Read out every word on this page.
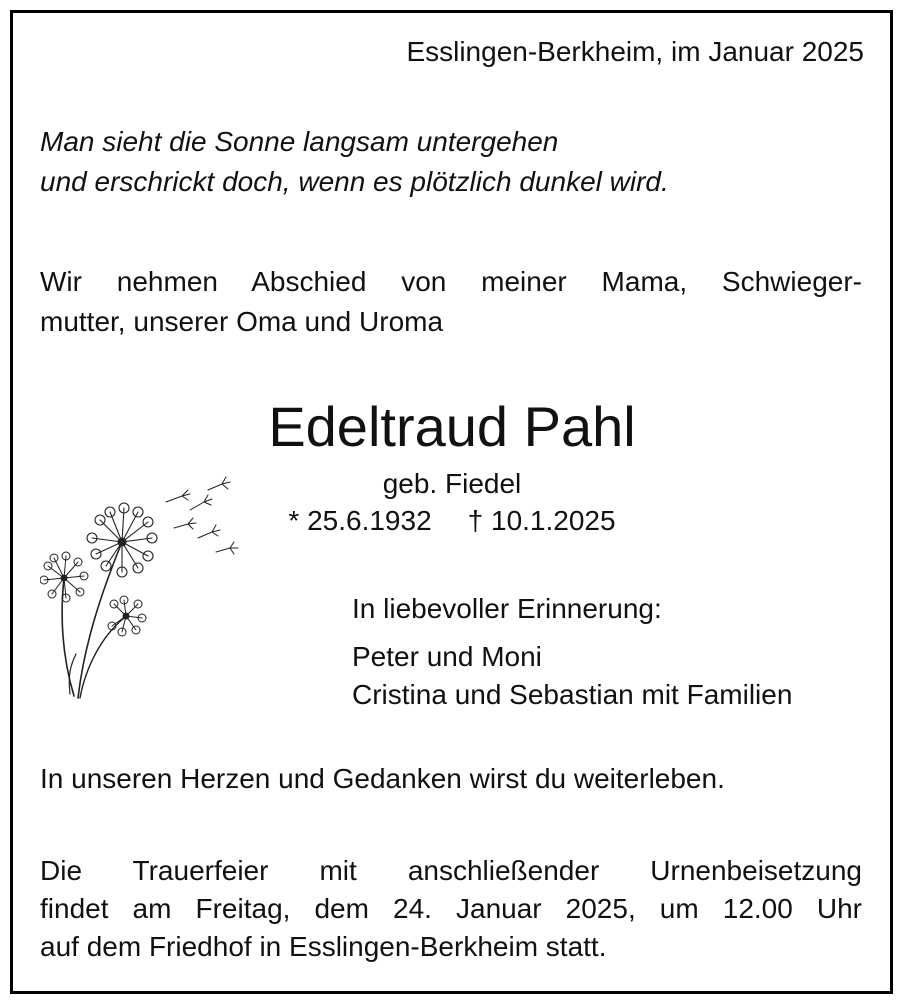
Esslingen-Berkheim, im Januar 2025

Man sieht die Sonne langsam untergehen
und erschrickt doch, wenn es plötzlich dunkel wird.
Wir nehmen Abschied von meiner Mama, Schwieger-
mutter, unserer Oma und Uroma
Edeltraud Pahl

geb. Fiedel

* 25.6.1932 † 10.1.2025

In liebevoller Erinnerung:

Peter und Moni
Cristina und Sebastian mit Familien

In unseren Herzen und Gedanken wirst du weiterleben.

Die Trauerfeier mit anschließender Urnenbeisetzung
findet am Freitag, dem 24. Januar 2025, um 12.00 Uhr
auf dem Friedhof in Esslingen-Berkheim statt.
